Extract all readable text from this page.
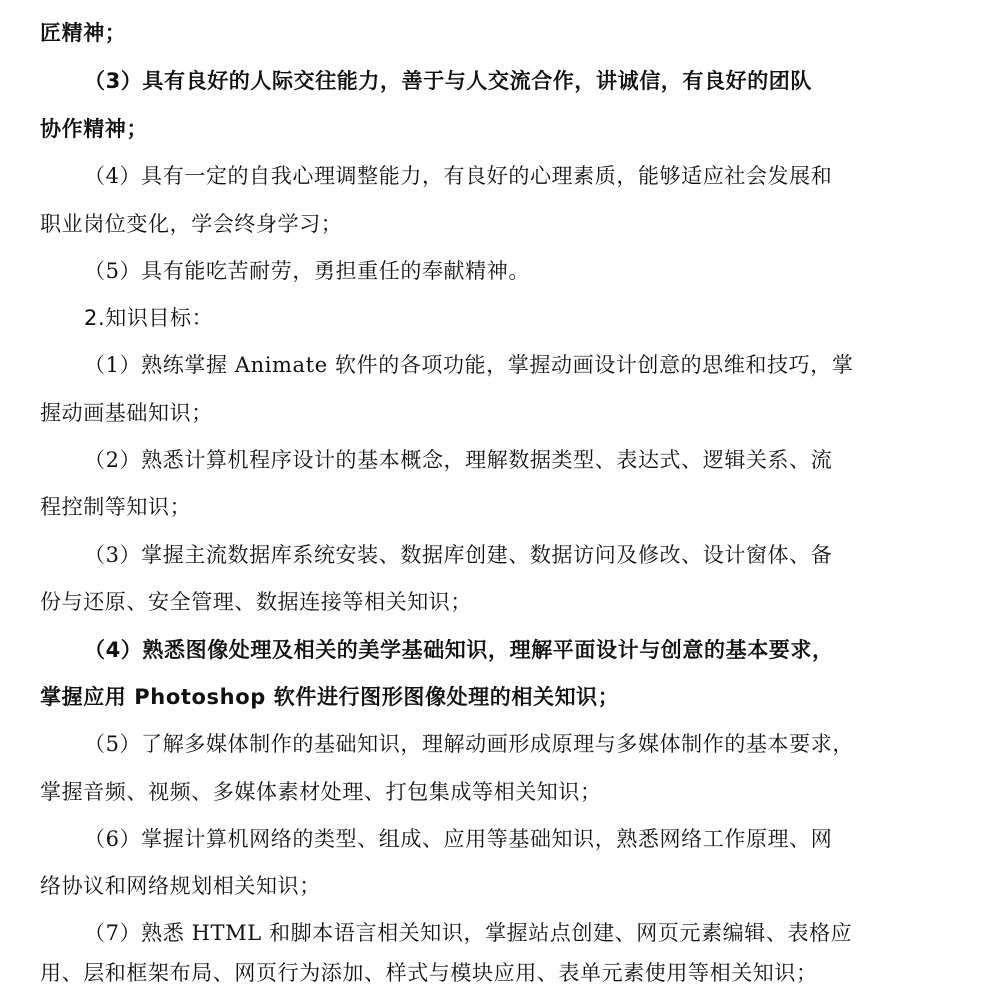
匠精神；
（3）具有良好的人际交往能力，善于与人交流合作，讲诚信，有良好的团队
协作精神；
（4）具有一定的自我心理调整能力，有良好的心理素质，能够适应社会发展和
职业岗位变化，学会终身学习；
（5）具有能吃苦耐劳，勇担重任的奉献精神。
2.知识目标：
（1）熟练掌握 Animate 软件的各项功能，掌握动画设计创意的思维和技巧，掌
握动画基础知识；
（2）熟悉计算机程序设计的基本概念，理解数据类型、表达式、逻辑关系、流
程控制等知识；
（3）掌握主流数据库系统安装、数据库创建、数据访问及修改、设计窗体、备
份与还原、安全管理、数据连接等相关知识；
（4）熟悉图像处理及相关的美学基础知识，理解平面设计与创意的基本要求，
掌握应用 Photoshop 软件进行图形图像处理的相关知识；
（5）了解多媒体制作的基础知识，理解动画形成原理与多媒体制作的基本要求，
掌握音频、视频、多媒体素材处理、打包集成等相关知识；
（6）掌握计算机网络的类型、组成、应用等基础知识，熟悉网络工作原理、网
络协议和网络规划相关知识；
（7）熟悉 HTML 和脚本语言相关知识，掌握站点创建、网页元素编辑、表格应
用、层和框架布局、网页行为添加、样式与模块应用、表单元素使用等相关知识；
